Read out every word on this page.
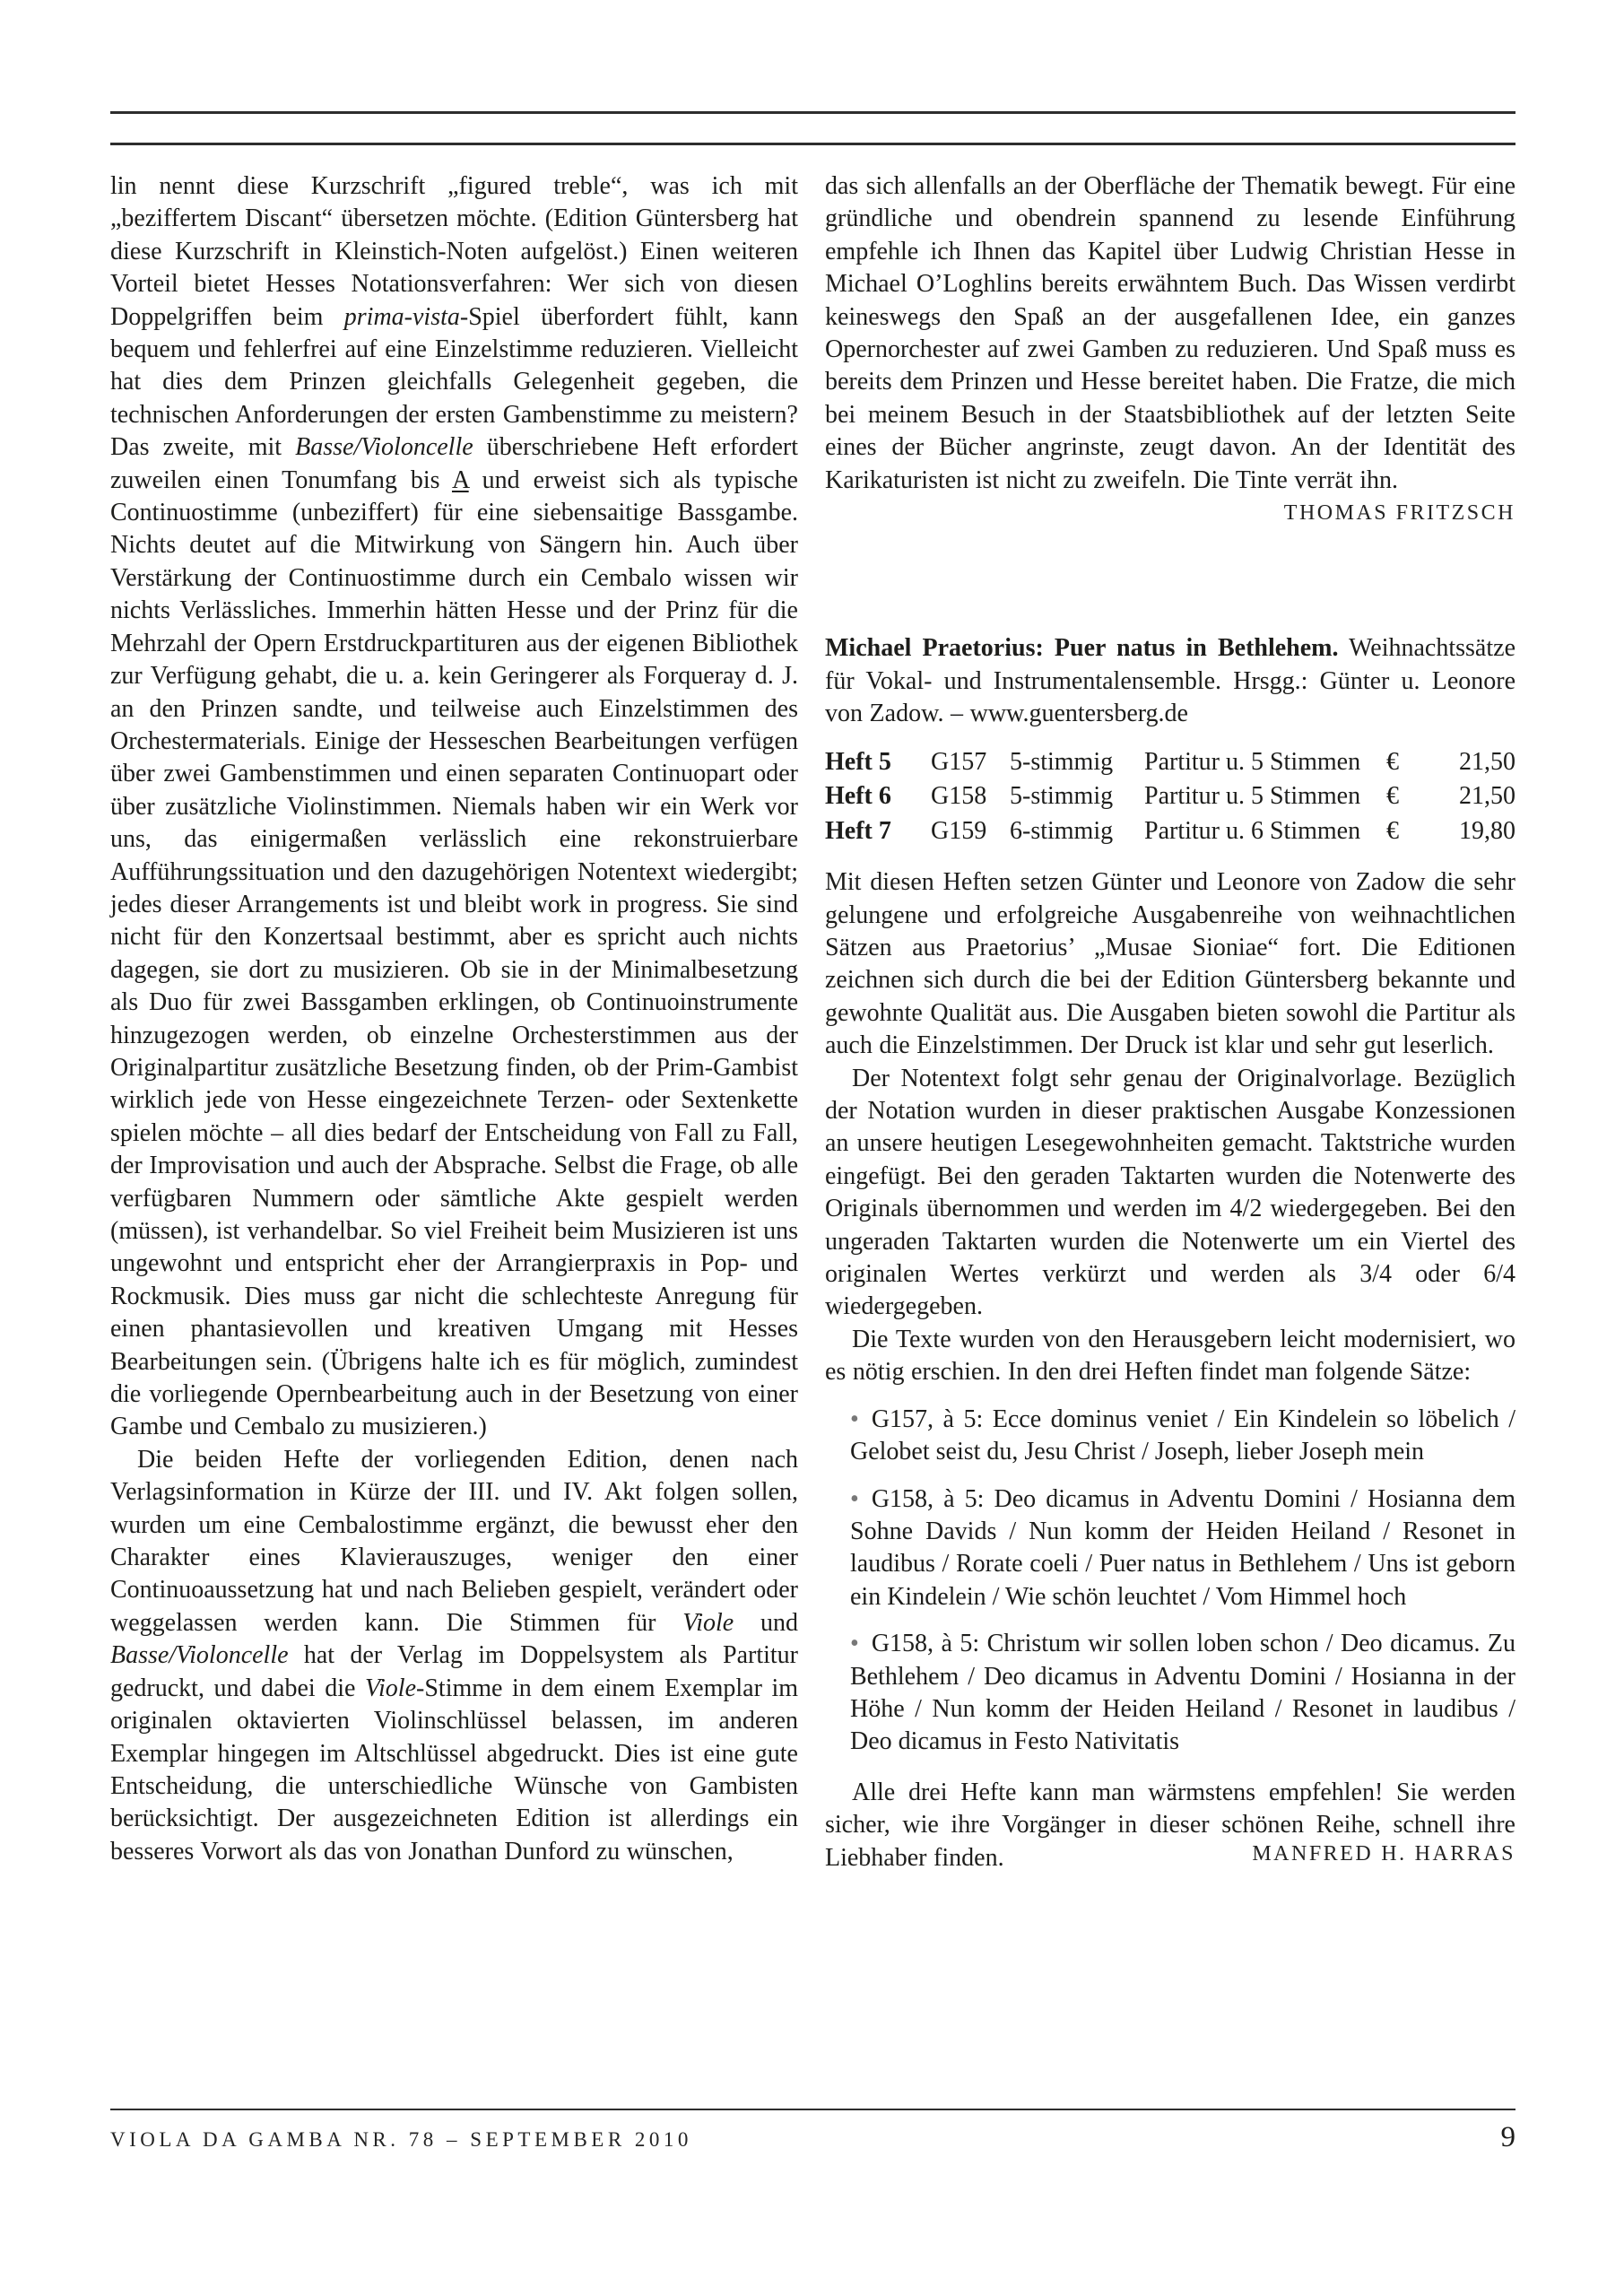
lin nennt diese Kurzschrift „figured treble“, was ich mit „beziffertem Discant“ übersetzen möchte. (Edition Güntersberg hat diese Kurzschrift in Kleinstich-Noten aufgelöst.) Einen weiteren Vorteil bietet Hesses Notationsverfahren: Wer sich von diesen Doppelgriffen beim prima-vista-Spiel überfordert fühlt, kann bequem und fehlerfrei auf eine Einzelstimme reduzieren. Vielleicht hat dies dem Prinzen gleichfalls Gelegenheit gegeben, die technischen Anforderungen der ersten Gambenstimme zu meistern? Das zweite, mit Basse/Violoncelle überschriebene Heft erfordert zuweilen einen Tonumfang bis A und erweist sich als typische Continuostimme (unbeziffert) für eine siebensaitige Bassgambe. Nichts deutet auf die Mitwirkung von Sängern hin. Auch über Verstärkung der Continuostimme durch ein Cembalo wissen wir nichts Verlässliches. Immerhin hätten Hesse und der Prinz für die Mehrzahl der Opern Erstdruckpartituren aus der eigenen Bibliothek zur Verfügung gehabt, die u. a. kein Geringerer als Forqueray d. J. an den Prinzen sandte, und teilweise auch Einzelstimmen des Orchestermaterials. Einige der Hesseschen Bearbeitungen verfügen über zwei Gambenstimmen und einen separaten Continuopart oder über zusätzliche Violinstimmen. Niemals haben wir ein Werk vor uns, das einigermaßen verlässlich eine rekonstruierbare Aufführungssituation und den dazugehörigen Notentext wiedergibt; jedes dieser Arrangements ist und bleibt work in progress. Sie sind nicht für den Konzertsaal bestimmt, aber es spricht auch nichts dagegen, sie dort zu musizieren. Ob sie in der Minimalbesetzung als Duo für zwei Bassgamben erklingen, ob Continuoinstrumente hinzugezogen werden, ob einzelne Orchesterstimmen aus der Originalpartitur zusätzliche Besetzung finden, ob der Prim-Gambist wirklich jede von Hesse eingezeichnete Terzen- oder Sextenkette spielen möchte – all dies bedarf der Entscheidung von Fall zu Fall, der Improvisation und auch der Absprache. Selbst die Frage, ob alle verfügbaren Nummern oder sämtliche Akte gespielt werden (müssen), ist verhandelbar. So viel Freiheit beim Musizieren ist uns ungewohnt und entspricht eher der Arrangierpraxis in Pop- und Rockmusik. Dies muss gar nicht die schlechteste Anregung für einen phantasievollen und kreativen Umgang mit Hesses Bearbeitungen sein. (Übrigens halte ich es für möglich, zumindest die vorliegende Opernbearbeitung auch in der Besetzung von einer Gambe und Cembalo zu musizieren.)

Die beiden Hefte der vorliegenden Edition, denen nach Verlagsinformation in Kürze der III. und IV. Akt folgen sollen, wurden um eine Cembalostimme ergänzt, die bewusst eher den Charakter eines Klavierauszuges, weniger den einer Continuoaussetzung hat und nach Belieben gespielt, verändert oder weggelassen werden kann. Die Stimmen für Viole und Basse/Violoncelle hat der Verlag im Doppelsystem als Partitur gedruckt, und dabei die Viole-Stimme in dem einem Exemplar im originalen oktavierten Violinschlüssel belassen, im anderen Exemplar hingegen im Altschlüssel abgedruckt. Dies ist eine gute Entscheidung, die unterschiedliche Wünsche von Gambisten berücksichtigt. Der ausgezeichneten Edition ist allerdings ein besseres Vorwort als das von Jonathan Dunford zu wünschen,

das sich allenfalls an der Oberfläche der Thematik bewegt. Für eine gründliche und obendrein spannend zu lesende Einführung empfehle ich Ihnen das Kapitel über Ludwig Christian Hesse in Michael O’Loghlins bereits erwähntem Buch. Das Wissen verdirbt keineswegs den Spaß an der ausgefallenen Idee, ein ganzes Opernorchester auf zwei Gamben zu reduzieren. Und Spaß muss es bereits dem Prinzen und Hesse bereitet haben. Die Fratze, die mich bei meinem Besuch in der Staatsbibliothek auf der letzten Seite eines der Bücher angrinste, zeugt davon. An der Identität des Karikaturisten ist nicht zu zweifeln. Die Tinte verrät ihn.

THOMAS FRITZSCH

Michael Praetorius: Puer natus in Bethlehem. Weihnachtssätze für Vokal- und Instrumentalensemble. Hrsgg.: Günter u. Leonore von Zadow. – www.guentersberg.de

Heft 5	G157 5-stimmig	Partitur u. 5 Stimmen	€	21,50
Heft 6	G158 5-stimmig	Partitur u. 5 Stimmen	€	21,50
Heft 7	G159 6-stimmig	Partitur u. 6 Stimmen	€	19,80

Mit diesen Heften setzen Günter und Leonore von Zadow die sehr gelungene und erfolgreiche Ausgabenreihe von weihnachtlichen Sätzen aus Praetorius’ „Musae Sioniae“ fort. Die Editionen zeichnen sich durch die bei der Edition Güntersberg bekannte und gewohnte Qualität aus. Die Ausgaben bieten sowohl die Partitur als auch die Einzelstimmen. Der Druck ist klar und sehr gut leserlich.

Der Notentext folgt sehr genau der Originalvorlage. Bezüglich der Notation wurden in dieser praktischen Ausgabe Konzessionen an unsere heutigen Lesegewohnheiten gemacht. Taktstriche wurden eingefügt. Bei den geraden Taktarten wurden die Notenwerte des Originals übernommen und werden im 4/2 wiedergegeben. Bei den ungeraden Taktarten wurden die Notenwerte um ein Viertel des originalen Wertes verkürzt und werden als 3/4 oder 6/4 wiedergegeben.

Die Texte wurden von den Herausgebern leicht modernisiert, wo es nötig erschien. In den drei Heften findet man folgende Sätze:

• G157, à 5: Ecce dominus veniet / Ein Kindelein so löbelich / Gelobet seist du, Jesu Christ / Joseph, lieber Joseph mein
• G158, à 5: Deo dicamus in Adventu Domini / Hosianna dem Sohne Davids / Nun komm der Heiden Heiland / Resonet in laudibus / Rorate coeli / Puer natus in Bethlehem / Uns ist geborn ein Kindelein / Wie schön leuchtet / Vom Himmel hoch
• G158, à 5: Christum wir sollen loben schon / Deo dicamus. Zu Bethlehem / Deo dicamus in Adventu Domini / Hosianna in der Höhe / Nun komm der Heiden Heiland / Resonet in laudibus / Deo dicamus in Festo Nativitatis

Alle drei Hefte kann man wärmstens empfehlen! Sie werden sicher, wie ihre Vorgänger in dieser schönen Reihe, schnell ihre Liebhaber finden.	MANFRED H. HARRAS

VIOLA DA GAMBA NR. 78 – SEPTEMBER 2010	9
